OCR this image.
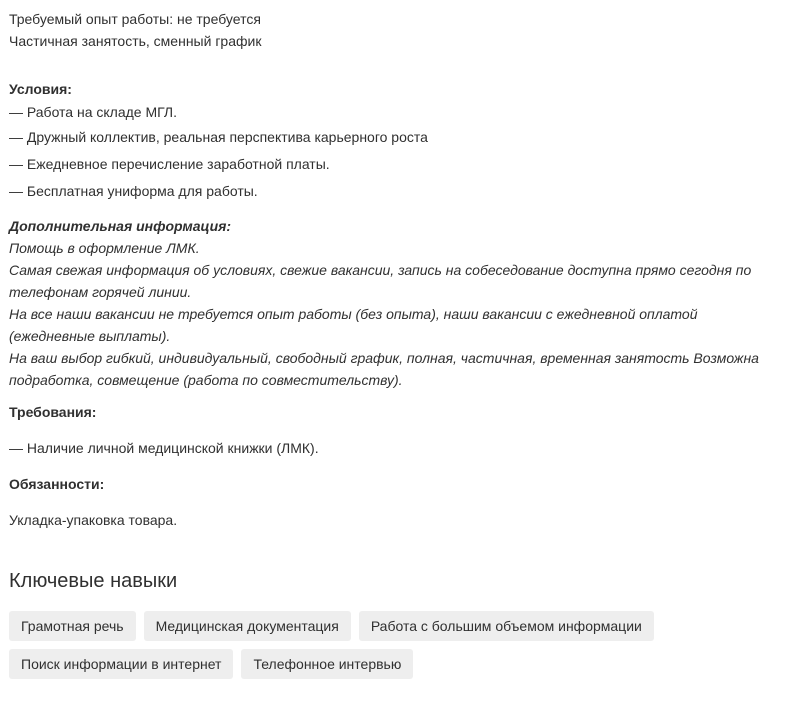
Требуемый опыт работы: не требуется
Частичная занятость, сменный график
Условия:
— Работа на складе МГЛ.
— Дружный коллектив, реальная перспектива карьерного роста
— Ежедневное перечисление заработной платы.
— Бесплатная униформа для работы.
Дополнительная информация:
Помощь в оформление ЛМК.
Самая свежая информация об условиях, свежие вакансии, запись на собеседование доступна прямо сегодня по
телефонам горячей линии.
На все наши вакансии не требуется опыт работы (без опыта), наши вакансии с ежедневной оплатой
(ежедневные выплаты).
На ваш выбор гибкий, индивидуальный, свободный график, полная, частичная, временная занятость Возможна
подработка, совмещение (работа по совместительству).
Требования:
— Наличие личной медицинской книжки (ЛМК).
Обязанности:
Укладка-упаковка товара.
Ключевые навыки
Грамотная речь	Медицинская документация	Работа с большим объемом информации
Поиск информации в интернет	Телефонное интервью
